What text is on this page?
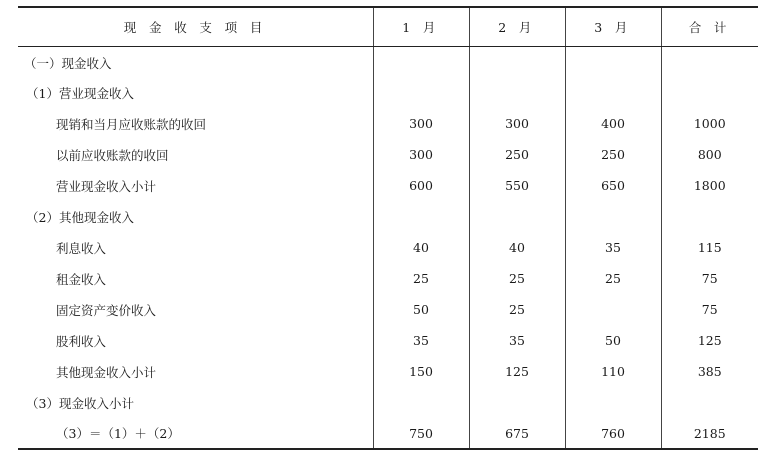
现 金 收 支 项 目	1 月	2 月	3 月	合 计
（一）现金收入				
（1）营业现金收入				
现销和当月应收账款的收回	300	300	400	1000
以前应收账款的收回	300	250	250	800
营业现金收入小计	600	550	650	1800
（2）其他现金收入				
利息收入	40	40	35	115
租金收入	25	25	25	75
固定资产变价收入	50	25		75
股利收入	35	35	50	125
其他现金收入小计	150	125	110	385
（3）现金收入小计				
（3）＝（1）＋（2）	750	675	760	2185
